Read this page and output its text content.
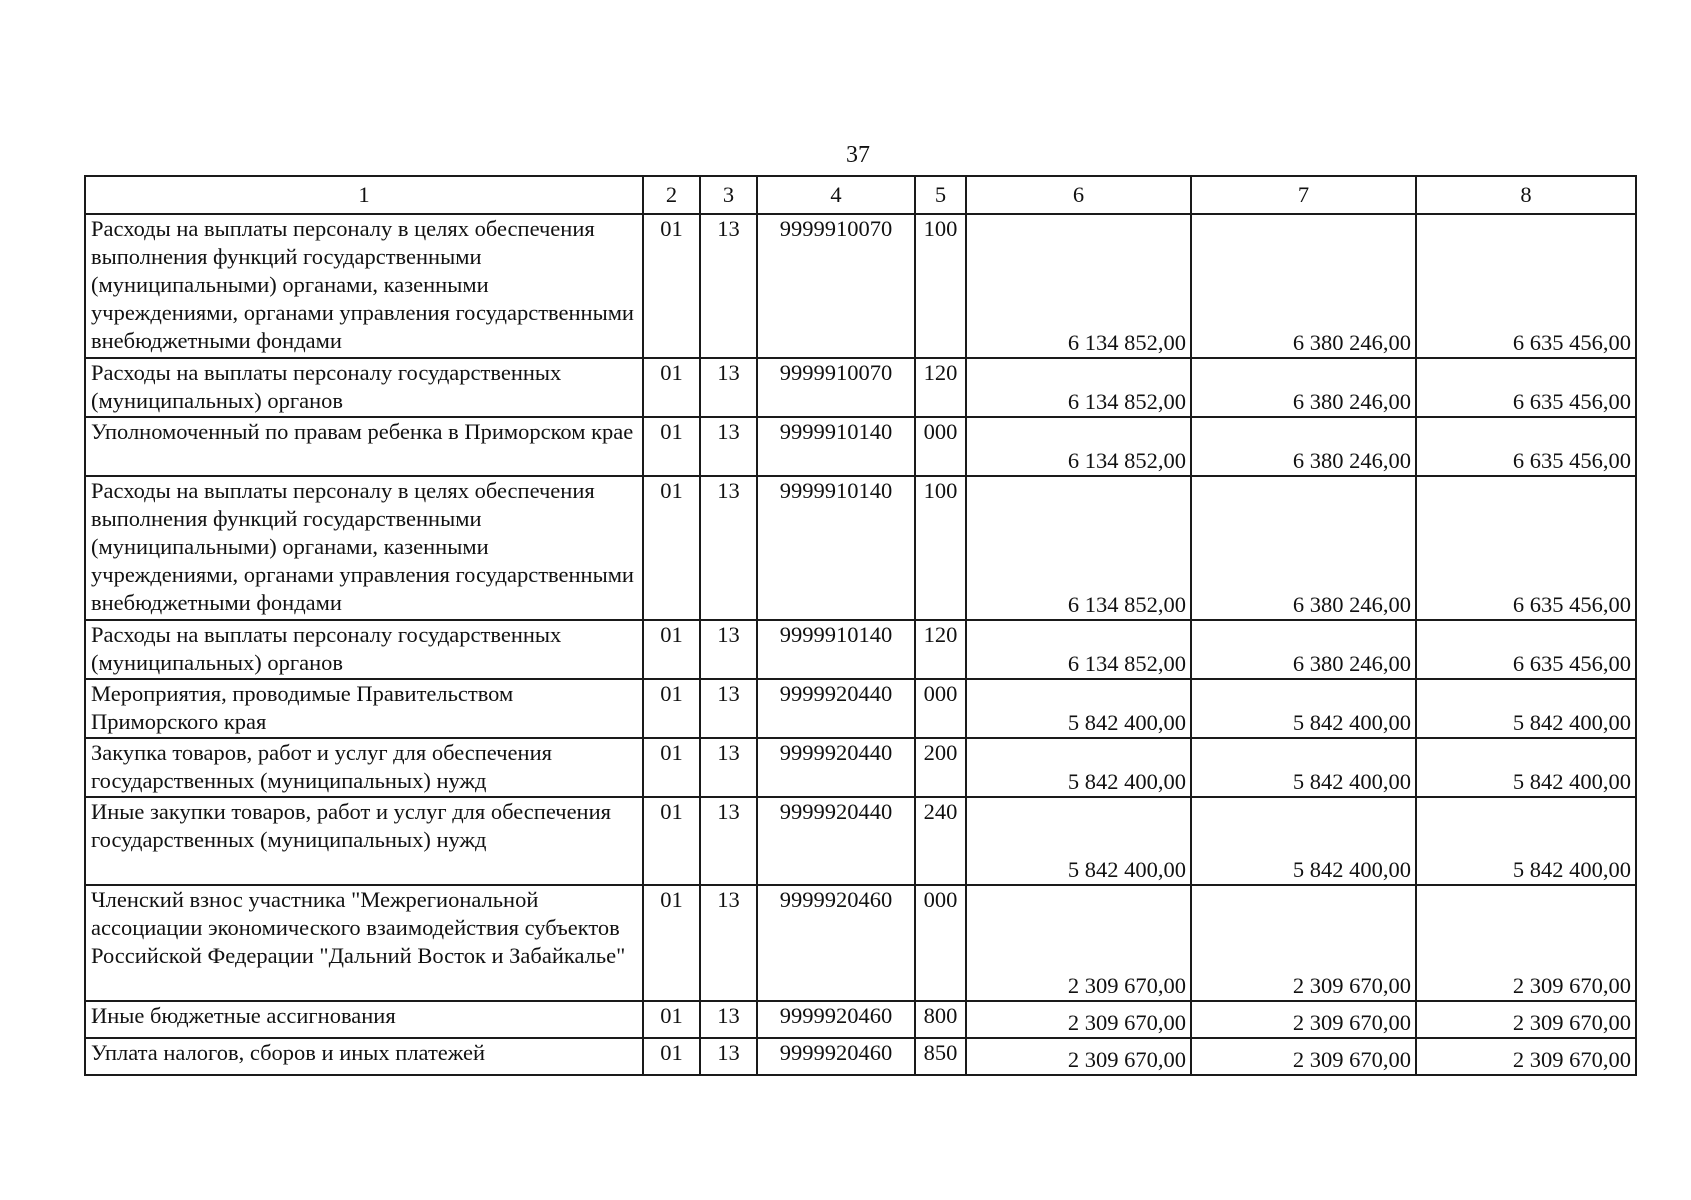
37
1	2	3	4	5	6	7	8
Расходы на выплаты персоналу в целях обеспечения выполнения функций государственными (муниципальными) органами, казенными учреждениями, органами управления государственными внебюджетными фондами	01	13	9999910070	100	6 134 852,00	6 380 246,00	6 635 456,00
Расходы на выплаты персоналу государственных (муниципальных) органов	01	13	9999910070	120	6 134 852,00	6 380 246,00	6 635 456,00
Уполномоченный по правам ребенка в Приморском крае	01	13	9999910140	000	6 134 852,00	6 380 246,00	6 635 456,00
Расходы на выплаты персоналу в целях обеспечения выполнения функций государственными (муниципальными) органами, казенными учреждениями, органами управления государственными внебюджетными фондами	01	13	9999910140	100	6 134 852,00	6 380 246,00	6 635 456,00
Расходы на выплаты персоналу государственных (муниципальных) органов	01	13	9999910140	120	6 134 852,00	6 380 246,00	6 635 456,00
Мероприятия, проводимые Правительством Приморского края	01	13	9999920440	000	5 842 400,00	5 842 400,00	5 842 400,00
Закупка товаров, работ и услуг для обеспечения государственных (муниципальных) нужд	01	13	9999920440	200	5 842 400,00	5 842 400,00	5 842 400,00
Иные закупки товаров, работ и услуг для обеспечения государственных (муниципальных) нужд	01	13	9999920440	240	5 842 400,00	5 842 400,00	5 842 400,00
Членский взнос участника "Межрегиональной ассоциации экономического взаимодействия субъектов Российской Федерации "Дальний Восток и Забайкалье"	01	13	9999920460	000	2 309 670,00	2 309 670,00	2 309 670,00
Иные бюджетные ассигнования	01	13	9999920460	800	2 309 670,00	2 309 670,00	2 309 670,00
Уплата налогов, сборов и иных платежей	01	13	9999920460	850	2 309 670,00	2 309 670,00	2 309 670,00
